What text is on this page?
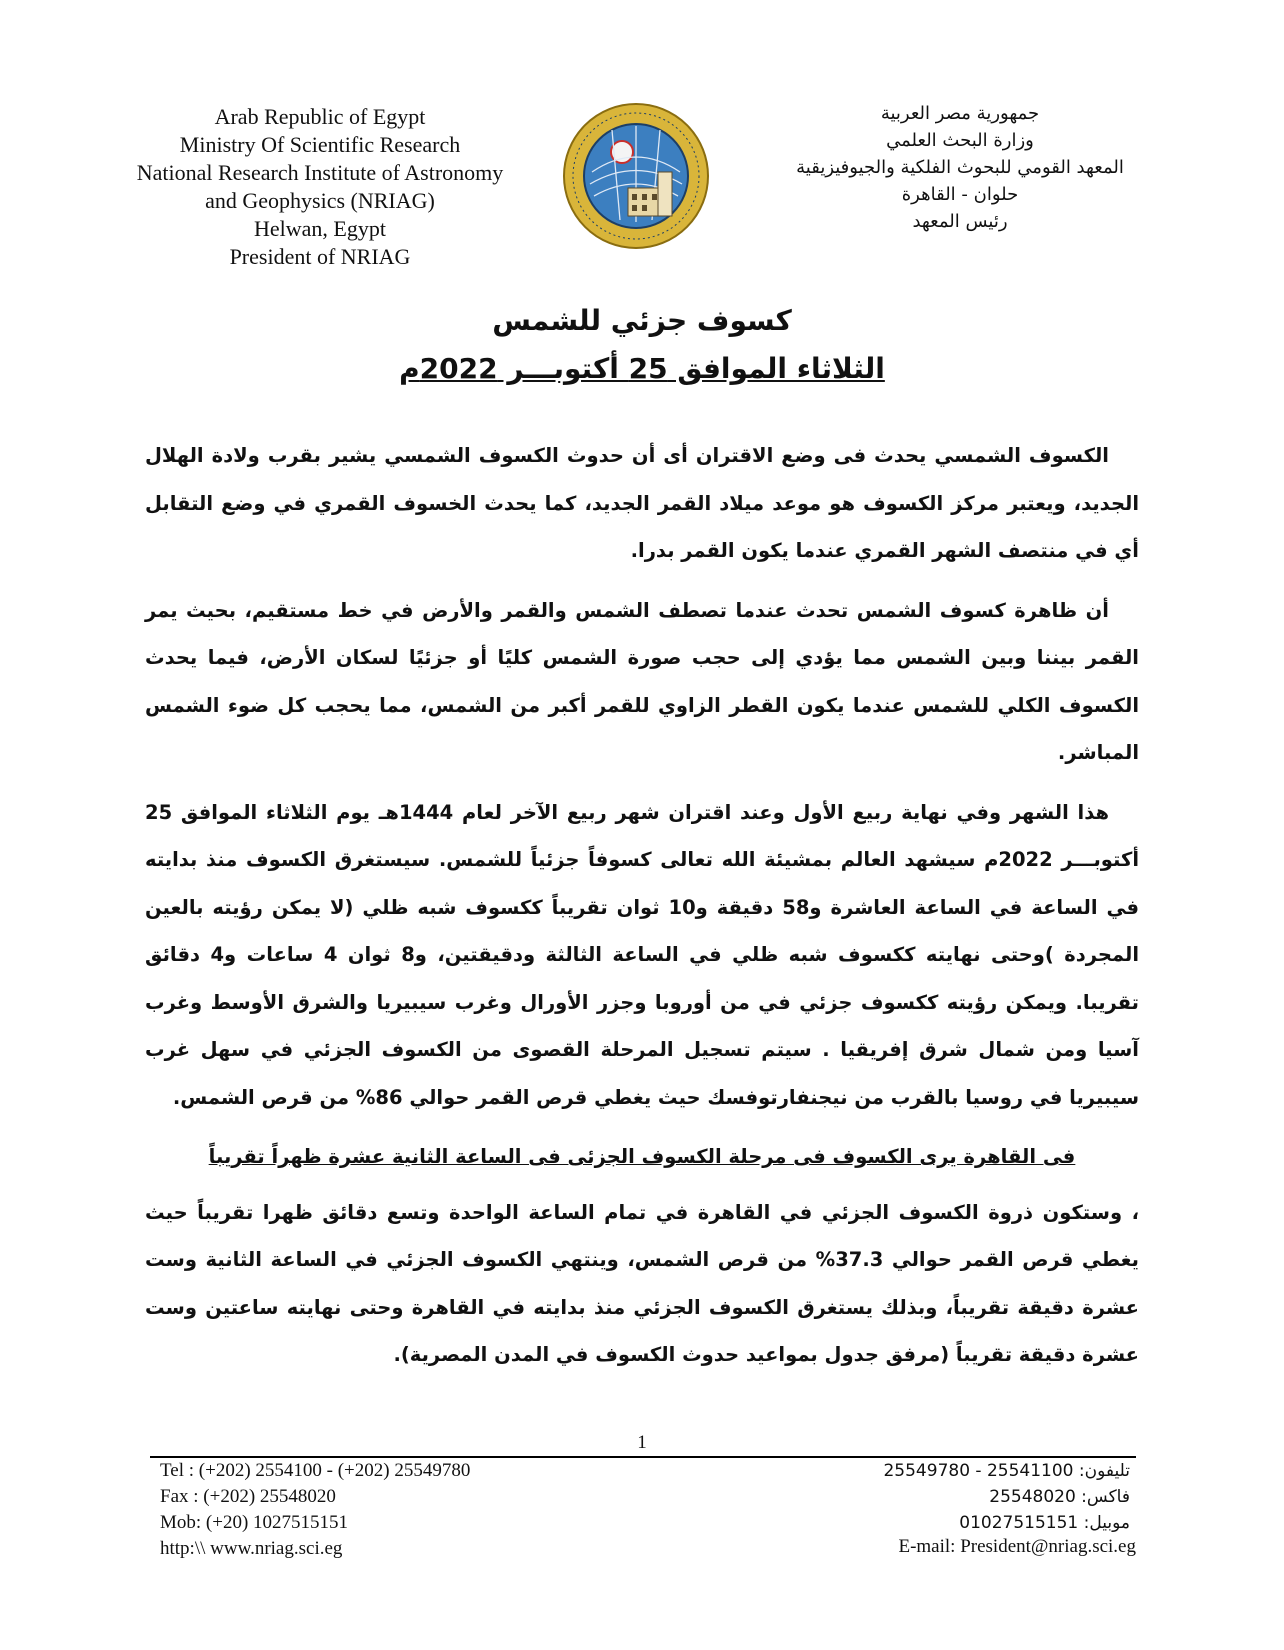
Arab Republic of Egypt
Ministry Of Scientific Research
National Research Institute of Astronomy
and Geophysics (NRIAG)
Helwan, Egypt
President of NRIAG
جمهورية مصر العربية
وزارة البحث العلمي
المعهد القومي للبحوث الفلكية والجيوفيزيقية
حلوان - القاهرة
رئيس المعهد
كسوف جزئي للشمس
الثلاثاء الموافق 25 أكتوبـــر 2022م

الكسوف الشمسي يحدث فى وضع الاقتران أى أن حدوث الكسوف الشمسي يشير بقرب ولادة الهلال الجديد، ويعتبر مركز الكسوف هو موعد ميلاد القمر الجديد، كما يحدث الخسوف القمري في وضع التقابل أي في منتصف الشهر القمري عندما يكون القمر بدرا.

أن ظاهرة كسوف الشمس تحدث عندما تصطف الشمس والقمر والأرض في خط مستقيم، بحيث يمر القمر بيننا وبين الشمس مما يؤدي إلى حجب صورة الشمس كليًا أو جزئيًا لسكان الأرض، فيما يحدث الكسوف الكلي للشمس عندما يكون القطر الزاوي للقمر أكبر من الشمس، مما يحجب كل ضوء الشمس المباشر.

هذا الشهر وفي نهاية ربيع الأول وعند اقتران شهر ربيع الآخر لعام 1444هـ يوم الثلاثاء الموافق 25 أكتوبـــر 2022م سيشهد العالم بمشيئة الله تعالى كسوفاً جزئياً للشمس. سيستغرق الكسوف منذ بدايته في الساعة في الساعة العاشرة و58 دقيقة و10 ثوان تقريباً ككسوف شبه ظلي (لا يمكن رؤيته بالعين المجردة )وحتى نهايته ككسوف شبه ظلي في الساعة الثالثة ودقيقتين، و8 ثوان 4 ساعات و4 دقائق تقريبا. ويمكن رؤيته ككسوف جزئي في من أوروبا وجزر الأورال وغرب سيبيريا والشرق الأوسط وغرب آسيا ومن شمال شرق إفريقيا . سيتم تسجيل المرحلة القصوى من الكسوف الجزئي في سهل غرب سيبيريا في روسيا بالقرب من نيجنفارتوفسك حيث يغطي قرص القمر حوالي 86% من قرص الشمس.

فى القاهرة يرى الكسوف فى مرحلة الكسوف الجزئى فى الساعة الثانية عشرة ظهراً تقريباً

، وستكون ذروة الكسوف الجزئي في القاهرة في تمام الساعة الواحدة وتسع دقائق ظهرا تقريباً حيث يغطي قرص القمر حوالي 37.3% من قرص الشمس، وينتهي الكسوف الجزئي في الساعة الثانية وست عشرة دقيقة تقريباً، وبذلك يستغرق الكسوف الجزئي منذ بدايته في القاهرة وحتى نهايته ساعتين وست عشرة دقيقة تقريباً (مرفق جدول بمواعيد حدوث الكسوف في المدن المصرية).

1
Tel : (+202) 2554100 - (+202) 25549780
Fax : (+202) 25548020
Mob: (+20) 1027515151
http:\\ www.nriag.sci.eg
تليفون: 25541100 - 25549780
فاكس: 25548020
موبيل: 01027515151
E-mail: President@nriag.sci.eg
